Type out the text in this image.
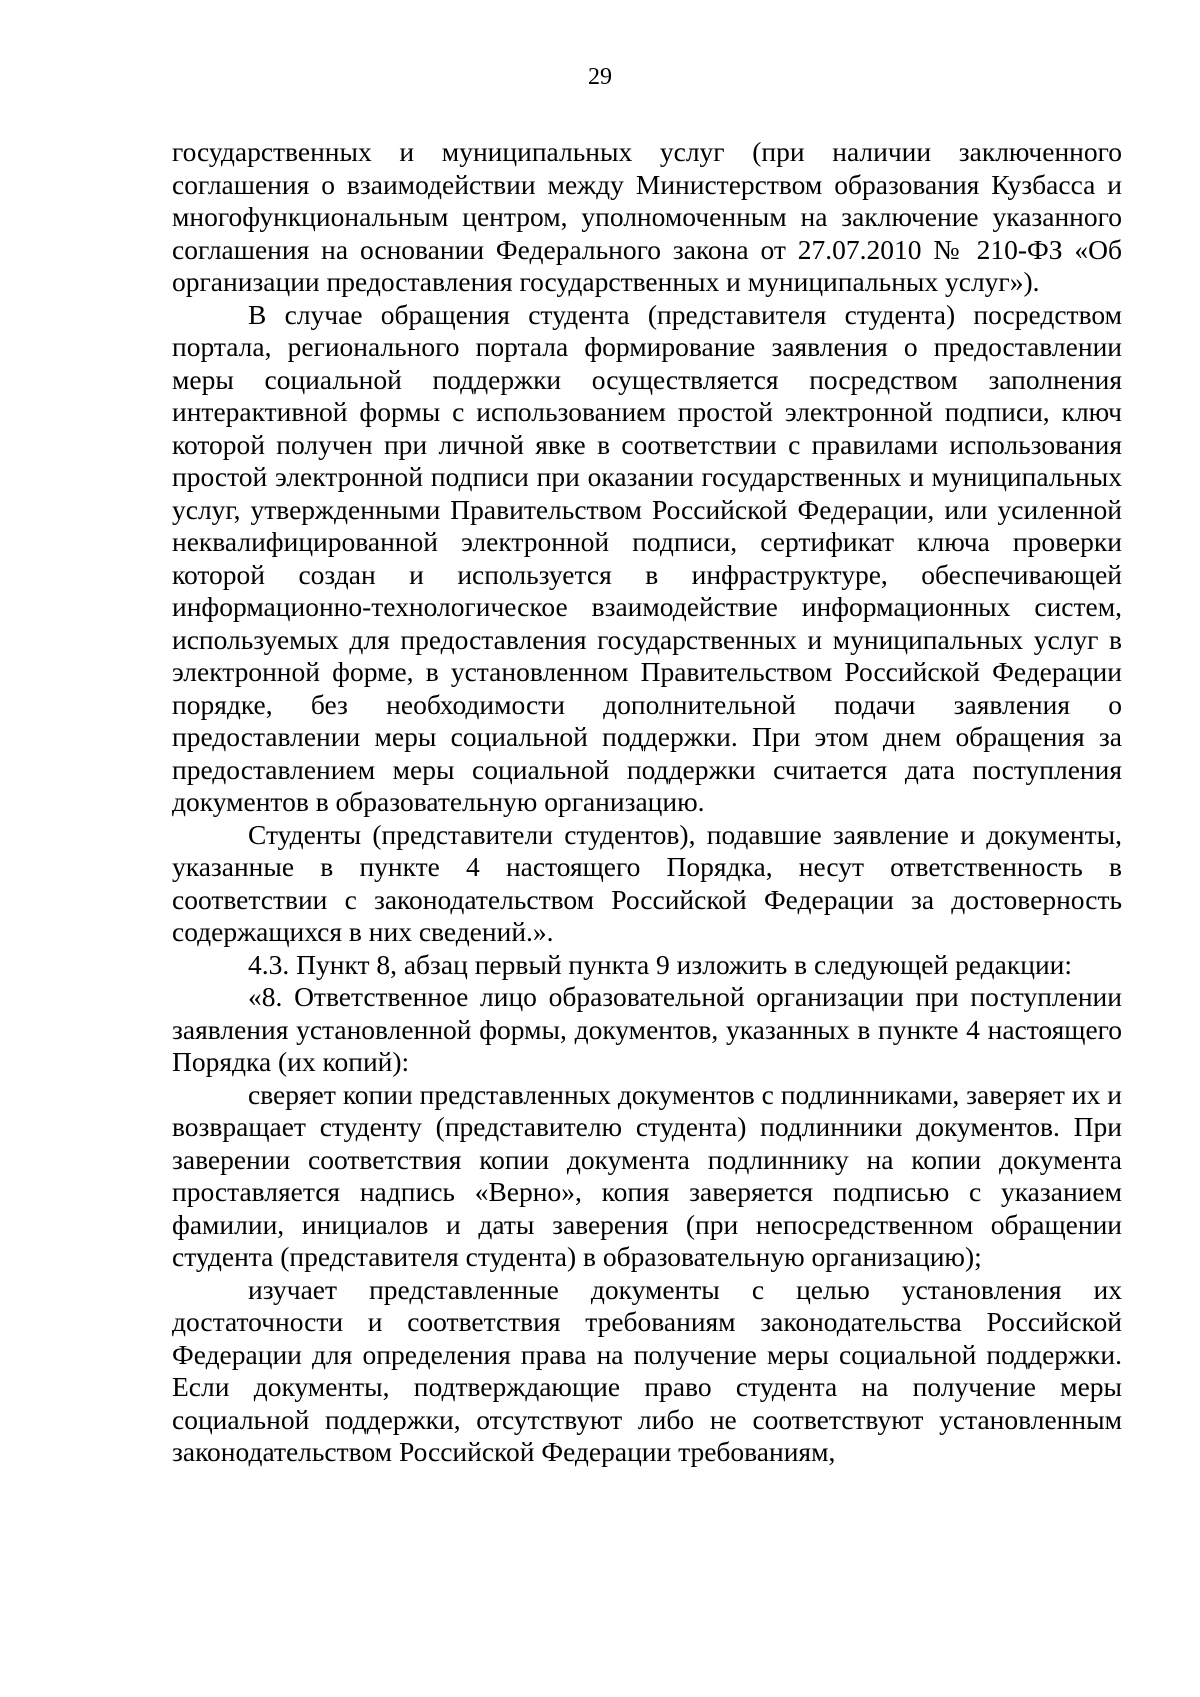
29

государственных и муниципальных услуг (при наличии заключенного соглашения о взаимодействии между Министерством образования Кузбасса и многофункциональным центром, уполномоченным на заключение указанного соглашения на основании Федерального закона от 27.07.2010 № 210-ФЗ «Об организации предоставления государственных и муниципальных услуг»).

В случае обращения студента (представителя студента) посредством портала, регионального портала формирование заявления о предоставлении меры социальной поддержки осуществляется посредством заполнения интерактивной формы с использованием простой электронной подписи, ключ которой получен при личной явке в соответствии с правилами использования простой электронной подписи при оказании государственных и муниципальных услуг, утвержденными Правительством Российской Федерации, или усиленной неквалифицированной электронной подписи, сертификат ключа проверки которой создан и используется в инфраструктуре, обеспечивающей информационно-технологическое взаимодействие информационных систем, используемых для предоставления государственных и муниципальных услуг в электронной форме, в установленном Правительством Российской Федерации порядке, без необходимости дополнительной подачи заявления о предоставлении меры социальной поддержки. При этом днем обращения за предоставлением меры социальной поддержки считается дата поступления документов в образовательную организацию.

Студенты (представители студентов), подавшие заявление и документы, указанные в пункте 4 настоящего Порядка, несут ответственность в соответствии с законодательством Российской Федерации за достоверность содержащихся в них сведений.».

4.3. Пункт 8, абзац первый пункта 9 изложить в следующей редакции:

«8. Ответственное лицо образовательной организации при поступлении заявления установленной формы, документов, указанных в пункте 4 настоящего Порядка (их копий):

сверяет копии представленных документов с подлинниками, заверяет их и возвращает студенту (представителю студента) подлинники документов. При заверении соответствия копии документа подлиннику на копии документа проставляется надпись «Верно», копия заверяется подписью с указанием фамилии, инициалов и даты заверения (при непосредственном обращении студента (представителя студента) в образовательную организацию);

изучает представленные документы с целью установления их достаточности и соответствия требованиям законодательства Российской Федерации для определения права на получение меры социальной поддержки. Если документы, подтверждающие право студента на получение меры социальной поддержки, отсутствуют либо не соответствуют установленным законодательством Российской Федерации требованиям,
